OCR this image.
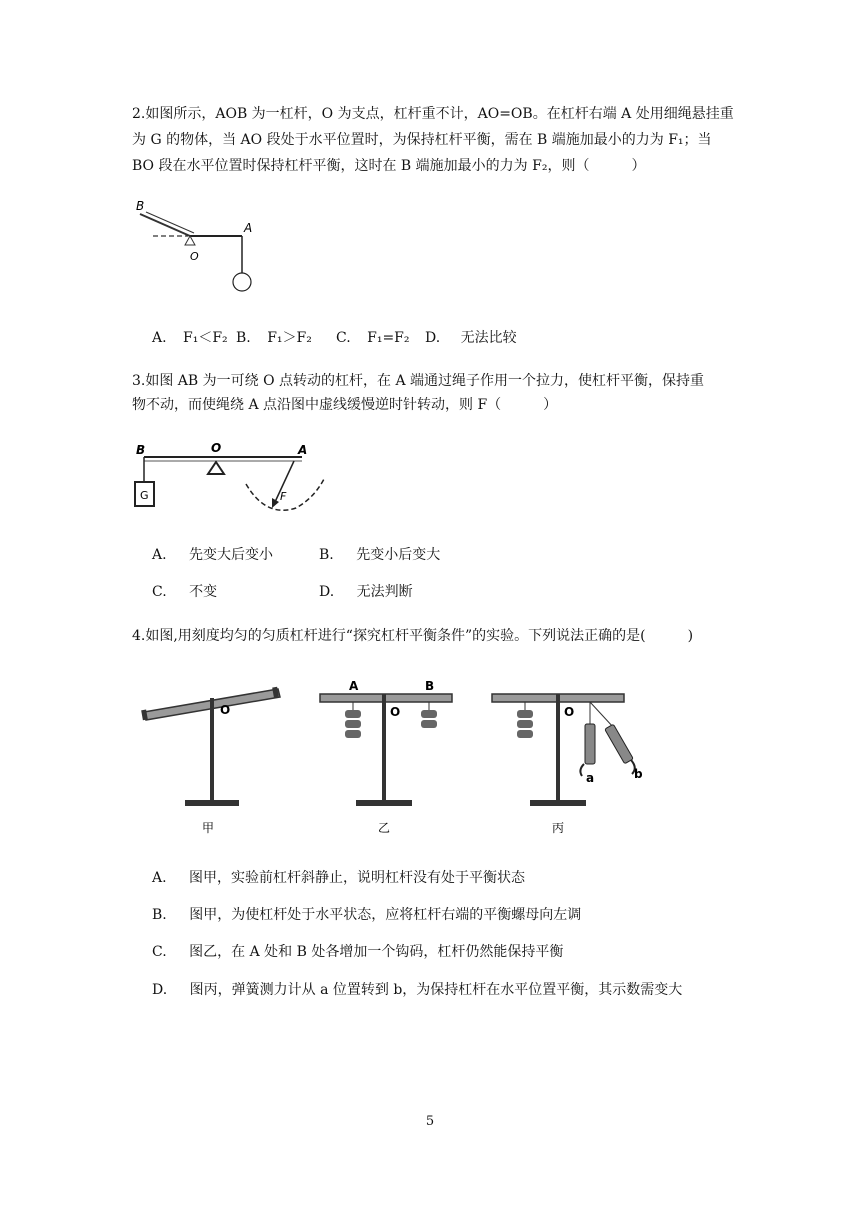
2.如图所示，AOB 为一杠杆，O 为支点，杠杆重不计，AO=OB。在杠杆右端 A 处用细绳悬挂重
为 G 的物体，当 AO 段处于水平位置时，为保持杠杆平衡，需在 B 端施加最小的力为 F₁；当
BO 段在水平位置时保持杠杆平衡，这时在 B 端施加最小的力为 F₂，则（　　　）
B
A
O
A. F₁＜F₂ B. F₁＞F₂ C. F₁=F₂ D. 无法比较
3.如图 AB 为一可绕 O 点转动的杠杆，在 A 端通过绳子作用一个拉力，使杠杆平衡，保持重
物不动，而使绳绕 A 点沿图中虚线缓慢逆时针转动，则 F（　　　）
G
B	O	A
F
A. 先变大后变小	B. 先变小后变大
C. 不变	D. 无法判断
4.如图,用刻度均匀的匀质杠杆进行“探究杠杆平衡条件”的实验。下列说法正确的是(　　　)
O
甲
A	B
O
乙
O
a	b
丙
A. 图甲，实验前杠杆斜静止，说明杠杆没有处于平衡状态
B. 图甲，为使杠杆处于水平状态，应将杠杆右端的平衡螺母向左调
C. 图乙，在 A 处和 B 处各增加一个钩码，杠杆仍然能保持平衡
D. 图丙，弹簧测力计从 a 位置转到 b，为保持杠杆在水平位置平衡，其示数需变大
5
